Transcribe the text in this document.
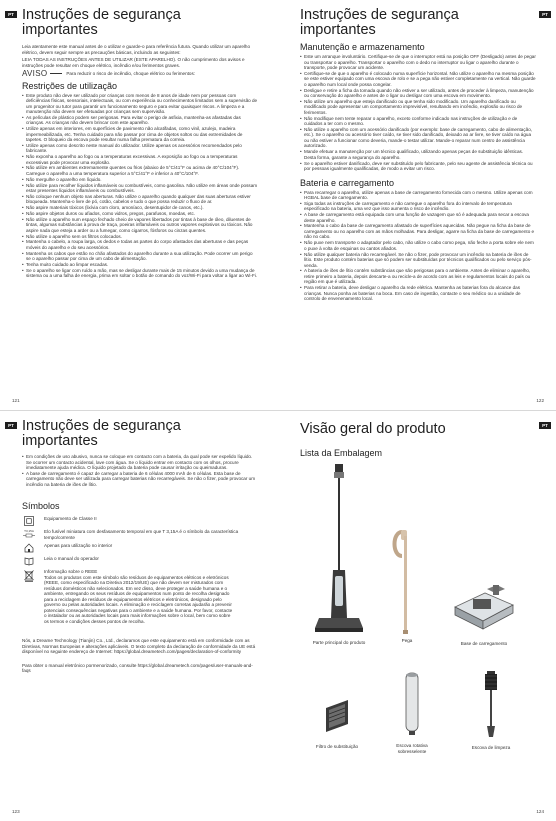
PT Instruções de segurança importantes

Leia atentamente este manual antes de o utilizar e guarde-o para referência futura. Quando utilizar um aparelho elétrico, devem seguir sempre as precauções básicas, incluindo as seguintes:

LEIA TODAS AS INSTRUÇÕES ANTES DE UTILIZAR (ESTE APARELHO). O não cumprimento dos avisos e instruções pode resultar em choque elétrico, incêndio e/ou ferimentos graves.

AVISO	Para reduzir o risco de incêndio, choque elétrico ou ferimentos:
Restrições de utilização
• Este produto não deve ser utilizado por crianças com menos de 8 anos de idade nem por pessoas com deficiências físicas, sensoriais, intelectuais, ou com experiência ou conhecimentos limitados sem a supervisão de um progenitor ou tutor para garantir um funcionamento seguro e para evitar quaisquer riscos. A limpeza e a manutenção não devem ser efetuadas por crianças sem supervisão.
• As películas de plástico podem ser perigosas. Para evitar o perigo de asfixia, mantenha-as afastadas das crianças. As crianças não devem brincar com este aparelho.
• Utilize apenas em interiores, em superfícies de pavimento não alcatifadas, como vinil, azulejo, madeira impermeabilizada, etc. Tenha cuidado para não passar por cima de objetos soltos ou das extremidades de tapetes. O bloqueio da escova pode resultar numa falha prematura da correia.
• Utilize apenas como descrito neste manual do utilizador. Utilize apenas os acessórios recomendados pelo fabricante.
• Não exponha o aparelho ao fogo ou a temperaturas excessivas. A exposição ao fogo ou a temperaturas excessivas pode provocar uma explosão.
• Não utilize em ambientes extremamente quentes ou frios (abaixo de 5°C/41°F ou acima de 40°C/104°F). Carregue o aparelho a uma temperatura superior a 5°C/41°F e inferior a 40°C/104°F.
• Não mergulhe o aparelho em líquido.
• Não utilize para recolher líquidos inflamáveis ou combustíveis, como gasolina. Não utilize em áreas onde possam estar presentes líquidos inflamáveis ou combustíveis.
• Não coloque nenhum objeto nas aberturas. Não utilize o aparelho quando qualquer das suas aberturas estiver bloqueada. Mantenha-o livre de pó, cotão, cabelos e tudo o que possa reduzir o fluxo de ar.
• Não aspire materiais tóxicos (lixívia com cloro, amoníaco, desentupidor de canos, etc.).
• Não aspire objetos duros ou afiados, como vidros, pregos, parafusos, moedas, etc.
• Não utilize o aparelho num espaço fechado cheio de vapores libertados por tintas à base de óleo, diluentes de tintas, algumas substâncias à prova de traça, poeiras inflamáveis ou outros vapores explosivos ou tóxicos. Não aspire nada que esteja a arder ou a fumegar, como cigarros, fósforos ou cinzas quentes.
• Não utilize o aparelho sem os filtros colocados.
• Mantenha o cabelo, a roupa larga, os dedos e todas as partes do corpo afastados das aberturas e das peças móveis do aparelho e do seu acessórios.
• Mantenha os cabos que estão no chão afastados do aparelho durante a sua utilização. Pode ocorrer um perigo se o aparelho passar por cima de um cabo de alimentação.
• Tenha muito cuidado ao limpar escadas.
• Se o aparelho se ligar com ruído a mão, mas se desligar durante mais de 15 minutos devido a uma mudança de sistema ou a uma falha de energia, prima em soltar o botão de comando do voz/Wi-Fi para voltar a ligar ao Wi-Fi.
121
PT
Instruções de segurança importantes
Manutenção e armazenamento
• Este um arranque involuntário. Certifique-se de que o interruptor está na posição OFF (Desligado) antes de pegar ou transportar o aparelho. Transportar o aparelho com o dedo no interruptor ou ligar o aparelho durante o transporte, pode provocar um acidente.
• Certifique-se de que o aparelho é colocado numa superfície horizontal. Não utilize o aparelho na mesma posição se este estiver equipado com uma escova de rolo e se a pega não estiver completamente na vertical. Não guarde o aparelho num local onde possa congelar.
• Desligue e retire a ficha da tomada quando não estiver a ser utilizado, antes de proceder à limpeza, manutenção ou conservação do aparelho e antes de o ligar ou desligar com uma escova em movimento.
• Não utilize um aparelho que esteja danificado ou que tenha sido modificado. Um aparelho danificado ou modificado pode apresentar um comportamento imprevisível, resultando em incêndio, explosão ou risco de ferimentos.
• Não modifique nem tente reparar o aparelho, exceto conforme indicado nas instruções de utilização e de cuidados a ter com o mesmo.
• Não utilize o aparelho com um acessório danificado (por exemplo: base de carregamento, cabo de alimentação, etc.). Se o aparelho ou acessório tiver caído, se tiver sido danificado, deixado ao ar livre, se tiver caído na água ou não estiver a funcionar como deveria, mande-o testar utilizar. Mande-o reparar num centro de assistência autorizado.
• Mande efetuar a manutenção por um técnico qualificado, utilizando apenas peças de substituição idênticas. Desta forma, garante a segurança do aparelho.
• Se o aparelho estiver danificado, deve ser substituído pelo fabricante, pelo seu agente de assistência técnica ou por pessoas igualmente qualificadas, de modo a evitar um risco.
Bateria e carregamento
• Para recarregar o aparelho, utilize apenas a base de carregamento fornecida com o mesmo. Utilize apenas com HGBAL base de carregamento.
• Siga todas as instruções de carregamento e não carregue o aparelho fora do intervalo de temperatura especificado na bateria, uma vez que isso aumenta o risco de incêndio.
• A base de carregamento está equipada com uma função de vazagem que só é adequada para secar a escova deste aparelho.
• Mantenha o cabo da base de carregamento afastado de superfícies aquecidas. Não pegue na ficha da base de carregamento ou no aparelho com as mãos molhadas. Para desligar, agarre na ficha da base de carregamento e não no cabo.
• Não puxe nem transporte o adaptador pelo cabo, não utilize o cabo como pega, não feche a porta sobre ele nem o puxe à volta de esquinas ou cantos afiados.
• Não utilize qualquer bateria não recarregável. Se não o fizer, pode provocar um incêndio na bateria de iões de lítio. Este produto contém baterias que só podem ser substituídas por técnicos qualificados ou pelo serviço pós-venda.
• A bateria de iões de lítio contém substâncias que são perigosas para o ambiente. Antes de eliminar o aparelho, retire primeiro a bateria, depois descarte-a ou recicle-a de acordo com as leis e regulamentos locais do país ou região em que é utilizada.
• Para retirar a bateria, deve desligar o aparelho da rede elétrica. Mantenha as baterias fora do alcance das crianças. Nunca ponha as baterias na boca. Em caso de ingestão, contacte o seu médico ou a unidade de controlo de envenenamento local.
122
PT Instruções de segurança importantes
• Em condições de uso abusivo, nunca se coloque em contacto com a bateria, da qual pode ser expelido líquido. Se ocorrer um contacto acidental, lave com água. Se o líquido entrar em contacto com os olhos, procure imediatamente ajuda médica. O líquido projetado da bateria pode causar irritação ou queimaduras.
• A base de carregamento é capaz de carregar a bateria de 6 células 4000 mAh de 6 células. Esta base de carregamento não deve ser utilizada para carregar baterias não recarregáveis. Se não o fizer, pode provocar um incêndio na bateria de iões de lítio.
Símbolos
Equipamento de Classe II
T3,15A Elo fusível miniatura com desfasamento temporal em que T 3,15A é o símbolo da característica tempo/corrente
Apenas para utilização no interior
Leia o manual do operador
Informação sobre o REEE
Todos os produtos com este símbolo são resíduos de equipamentos elétricos e eletrónicos (REEE, como especificado na Diretiva 2012/19/UE) que não devem ser misturados com resíduos domésticos não selecionados. Em vez disso, deve proteger a saúde humana e o ambiente, entregando os seus resíduos de equipamentos num ponto de recolha designado para a reciclagem de resíduos de equipamentos elétricos e eletrónicos, designado pelo governo ou pelas autoridades locais. A eliminação e reciclagem corretas ajudarão a prevenir potenciais consequências negativas para o ambiente e a saúde humana. Por favor, contacte o instalador ou as autoridades locais para mais informações sobre o local, bem como sobre os termos e condições desses pontos de recolha.

Nós, a Dreame Technology (Tianjin) Co., Ltd., declaramos que este equipamento está em conformidade com as Diretivas, Normas Europeias e alterações aplicáveis. O texto completo da declaração de conformidade da UE está disponível no seguinte endereço de Internet: https://global.dreametech.com/pages/declaration-of-conformity

Para obter o manual eletrónico pormenorizado, consulte https://global.dreametech.com/pages/user-manuals-and-faqs

123
PT
Visão geral do produto
Lista da Embalagem
Parte principal do produto	Pega
Base de carregamento
Filtro de substituição	Escova rotativa sobresselente
Escova de limpeza
124
